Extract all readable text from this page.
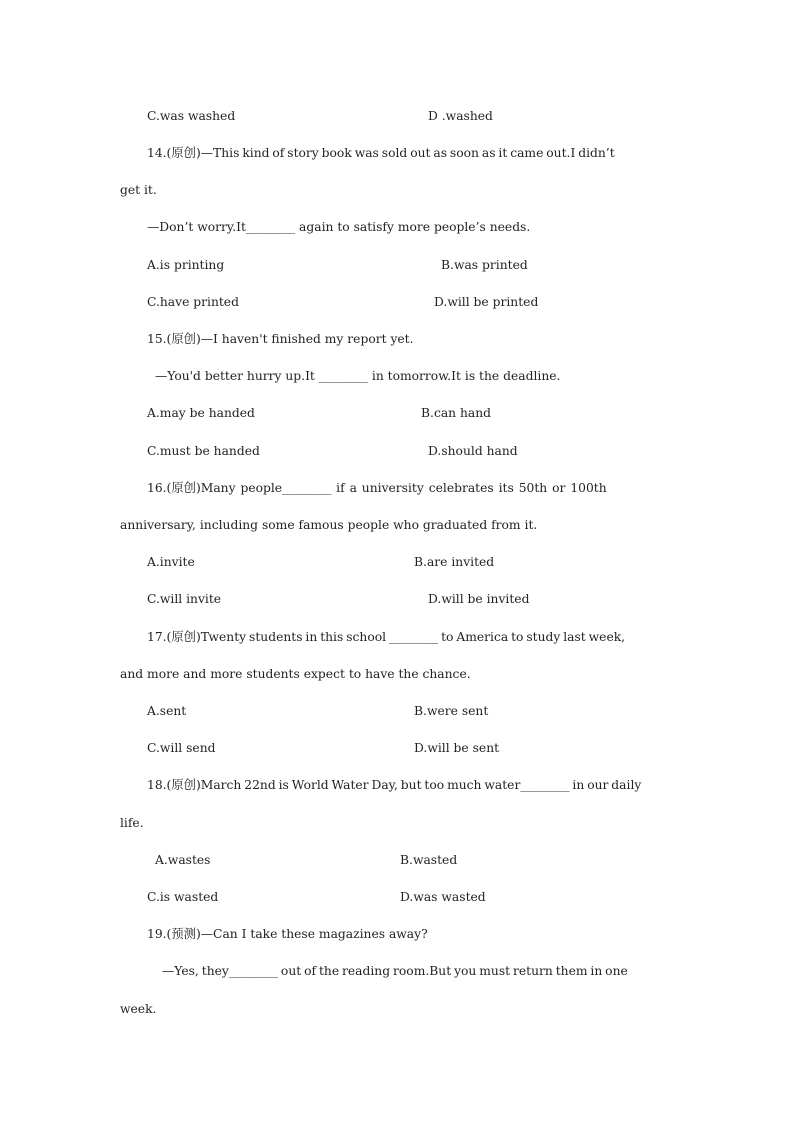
C.was washed	D .washed
14.(原创)—This kind of story book was sold out as soon as it came out.I didn’t
get it.
—Don’t worry.It________ again to satisfy more people’s needs.
A.is printing	B.was printed
C.have printed	D.will be printed
15.(原创)—I haven't finished my report yet.
—You'd better hurry up.It ________ in tomorrow.It is the deadline.
A.may be handed	B.can hand
C.must be handed	D.should hand
16.(原创)Many people________ if a university celebrates its 50th or 100th
anniversary, including some famous people who graduated from it.
A.invite	B.are invited
C.will invite	D.will be invited
17.(原创)Twenty students in this school ________ to America to study last week,
and more and more students expect to have the chance.
A.sent	B.were sent
C.will send	D.will be sent
18.(原创)March 22nd is World Water Day, but too much water________ in our daily
life.
A.wastes	B.wasted
C.is wasted	D.was wasted
19.(预测)—Can I take these magazines away?
—Yes, they________ out of the reading room.But you must return them in one
week.
